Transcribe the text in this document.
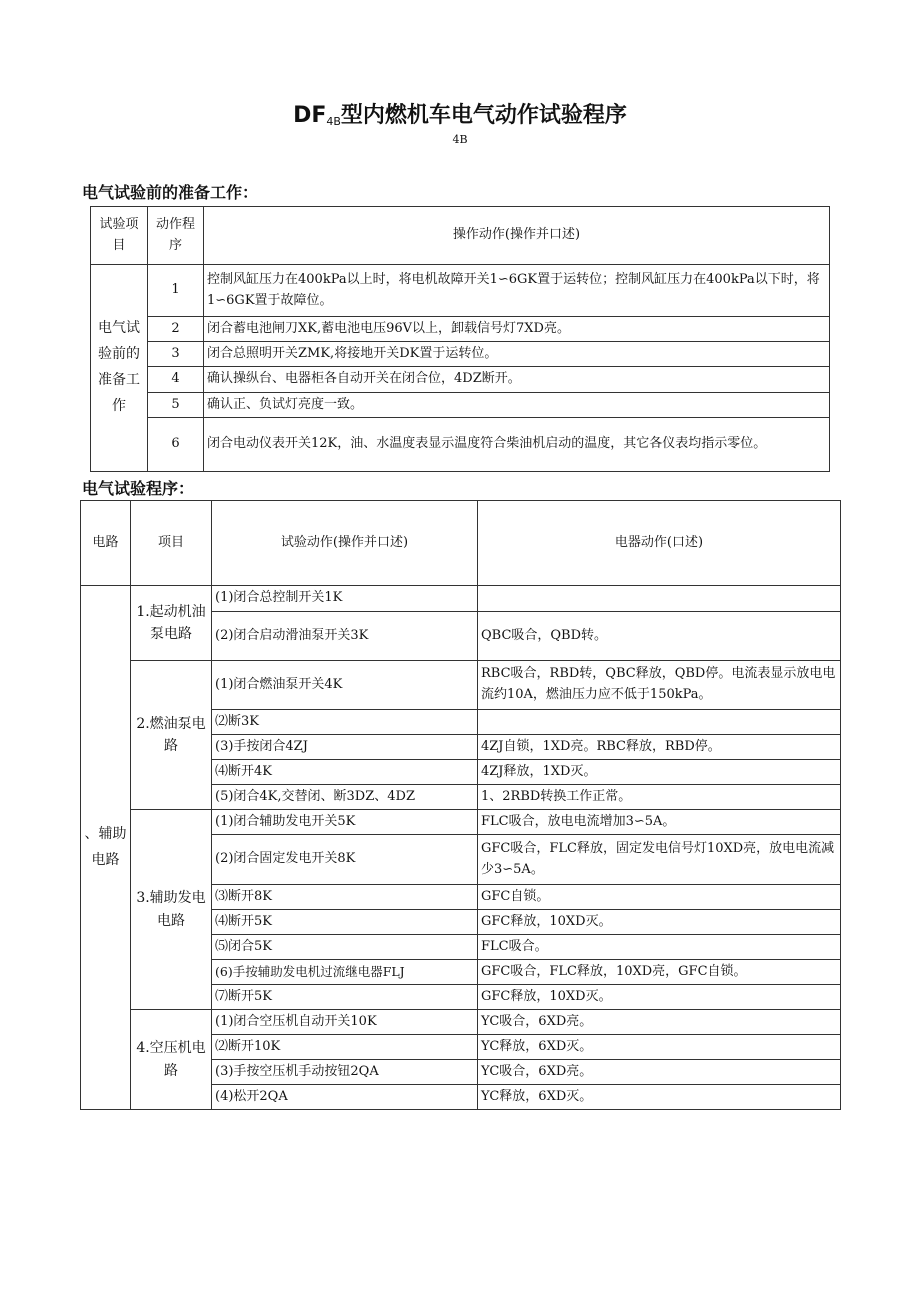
$DF_{4B}$型内燃机车电气动作试验程序
4B
电气试验前的准备工作：
试验项目	动作程序	操作动作(操作并口述)
电气试验前的准备工作	1	控制风缸压力在400kPa以上时，将电机故障开关1∽6GK置于运转位；控制风缸压力在400kPa以下时，将1∽6GK置于故障位。
	2	闭合蓄电池闸刀XK,蓄电池电压96V以上，卸载信号灯7XD亮。
	3	闭合总照明开关ZMK,将接地开关DK置于运转位。
	4	确认操纵台、电器柜各自动开关在闭合位，4DZ断开。
	5	确认正、负试灯亮度一致。
	6	闭合电动仪表开关12K，油、水温度表显示温度符合柴油机启动的温度，其它各仪表均指示零位。
电气试验程序：
电路	项目	试验动作(操作并口述)	电器动作(口述)
、辅助电路	1.起动机油泵电路	(1)闭合总控制开关1K	
		(2)闭合启动滑油泵开关3K	QBC吸合，QBD转。
	2.燃油泵电路	(1)闭合燃油泵开关4K	RBC吸合，RBD转，QBC释放，QBD停。电流表显示放电电流约10A，燃油压力应不低于150kPa。
		⑵断3K	
		(3)手按闭合4ZJ	4ZJ自锁，1XD亮。RBC释放，RBD停。
		⑷断开4K	4ZJ释放，1XD灭。
		(5)闭合4K,交替闭、断3DZ、4DZ	1、2RBD转换工作正常。
	3.辅助发电电路	(1)闭合辅助发电开关5K	FLC吸合，放电电流增加3∽5A。
		(2)闭合固定发电开关8K	GFC吸合，FLC释放，固定发电信号灯10XD亮，放电电流减少3∽5A。
		⑶断开8K	GFC自锁。
		⑷断开5K	GFC释放，10XD灭。
		⑸闭合5K	FLC吸合。
		(6)手按辅助发电机过流继电器FLJ	GFC吸合，FLC释放，10XD亮，GFC自锁。
		⑺断开5K	GFC释放，10XD灭。
	4.空压机电路	(1)闭合空压机自动开关10K	YC吸合，6XD亮。
		⑵断开10K	YC释放，6XD灭。
		(3)手按空压机手动按钮2QA	YC吸合，6XD亮。
		(4)松开2QA	YC释放，6XD灭。
